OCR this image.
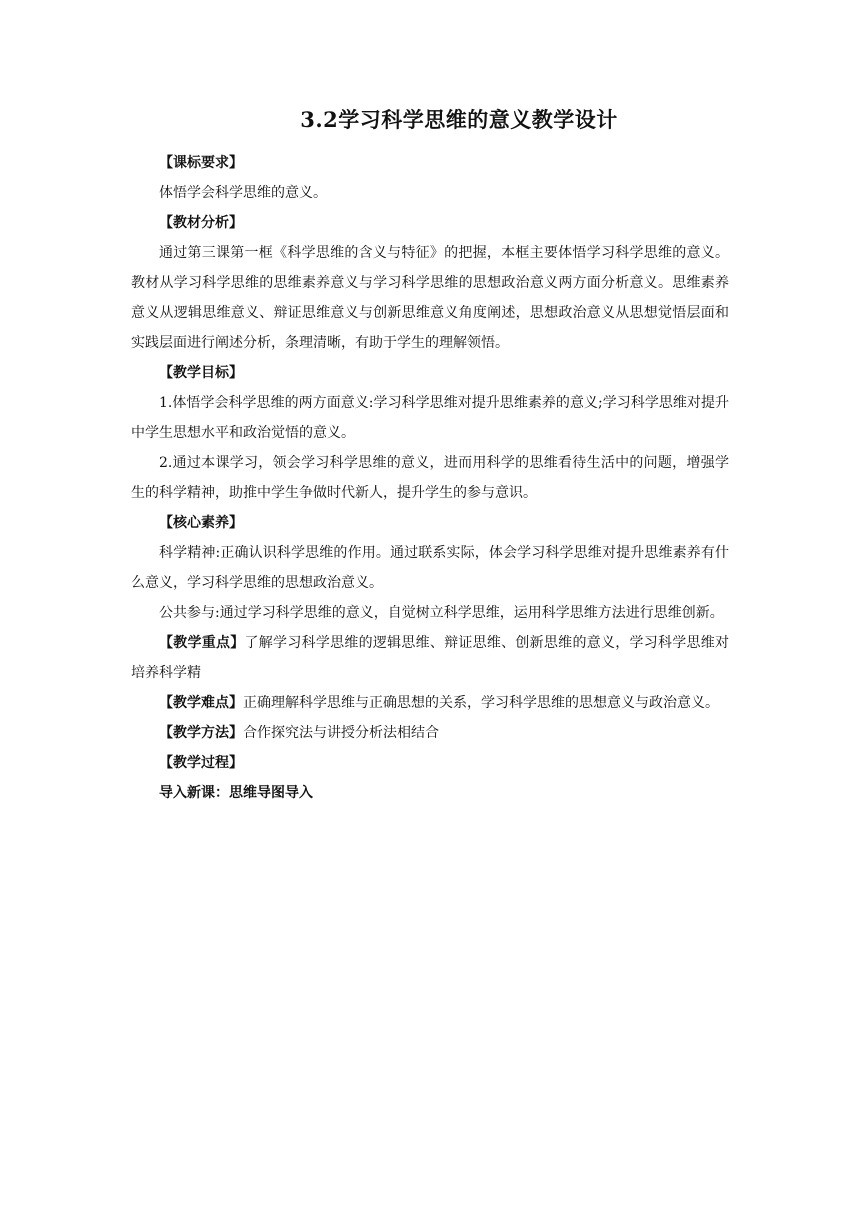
3.2学习科学思维的意义教学设计

【课标要求】

体悟学会科学思维的意义。

【教材分析】

通过第三课第一框《科学思维的含义与特征》的把握，本框主要体悟学习科学思维的意义。教材从学习科学思维的思维素养意义与学习科学思维的思想政治意义两方面分析意义。思维素养意义从逻辑思维意义、辩证思维意义与创新思维意义角度阐述，思想政治意义从思想觉悟层面和实践层面进行阐述分析，条理清晰，有助于学生的理解领悟。

【教学目标】

1.体悟学会科学思维的两方面意义:学习科学思维对提升思维素养的意义;学习科学思维对提升中学生思想水平和政治觉悟的意义。

2.通过本课学习，领会学习科学思维的意义，进而用科学的思维看待生活中的问题，增强学生的科学精神，助推中学生争做时代新人，提升学生的参与意识。

【核心素养】

科学精神:正确认识科学思维的作用。通过联系实际，体会学习科学思维对提升思维素养有什么意义，学习科学思维的思想政治意义。

公共参与:通过学习科学思维的意义，自觉树立科学思维，运用科学思维方法进行思维创新。

【教学重点】了解学习科学思维的逻辑思维、辩证思维、创新思维的意义，学习科学思维对培养科学精

【教学难点】正确理解科学思维与正确思想的关系，学习科学思维的思想意义与政治意义。

【教学方法】合作探究法与讲授分析法相结合

【教学过程】

导入新课：思维导图导入
